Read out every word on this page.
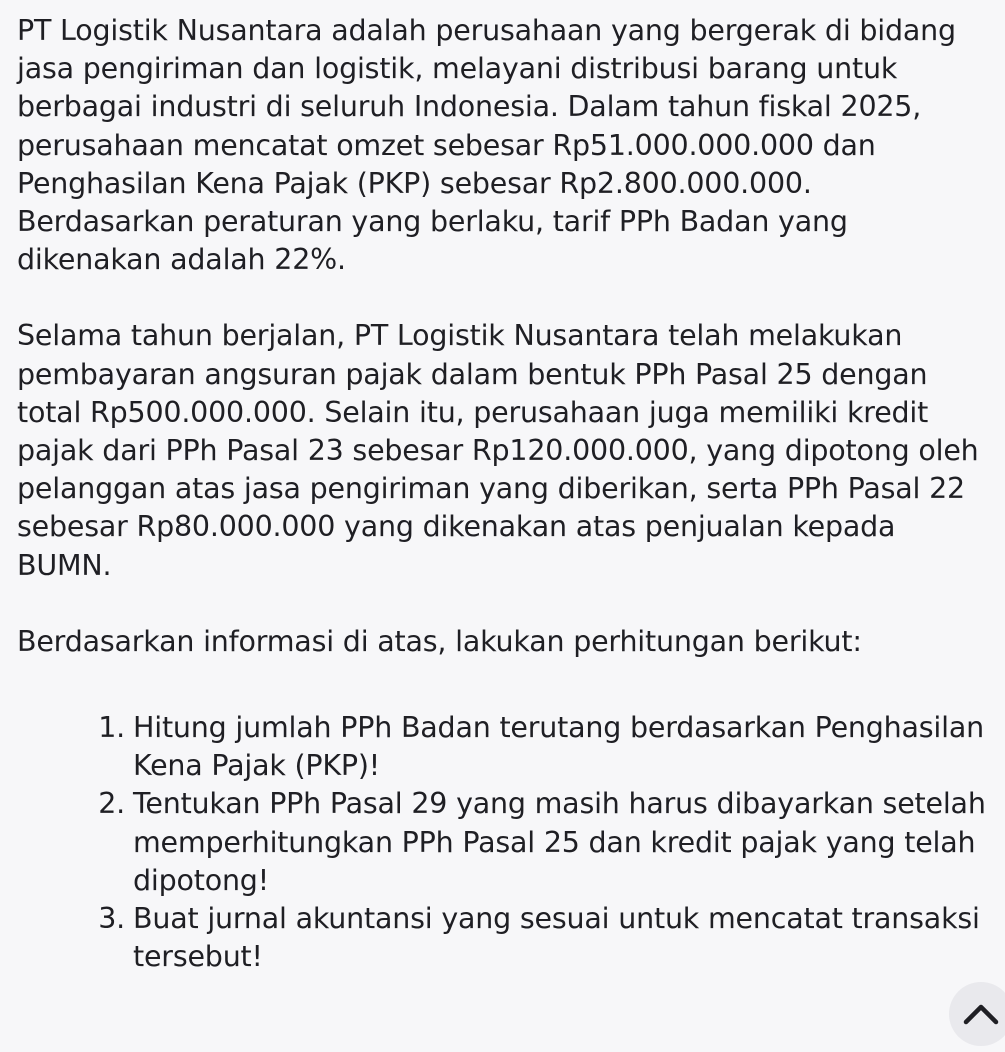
PT Logistik Nusantara adalah perusahaan yang bergerak di bidang jasa pengiriman dan logistik, melayani distribusi barang untuk berbagai industri di seluruh Indonesia. Dalam tahun fiskal 2025, perusahaan mencatat omzet sebesar Rp51.000.000.000 dan Penghasilan Kena Pajak (PKP) sebesar Rp2.800.000.000. Berdasarkan peraturan yang berlaku, tarif PPh Badan yang dikenakan adalah 22%.

Selama tahun berjalan, PT Logistik Nusantara telah melakukan pembayaran angsuran pajak dalam bentuk PPh Pasal 25 dengan total Rp500.000.000. Selain itu, perusahaan juga memiliki kredit pajak dari PPh Pasal 23 sebesar Rp120.000.000, yang dipotong oleh pelanggan atas jasa pengiriman yang diberikan, serta PPh Pasal 22 sebesar Rp80.000.000 yang dikenakan atas penjualan kepada BUMN.

Berdasarkan informasi di atas, lakukan perhitungan berikut:

1. Hitung jumlah PPh Badan terutang berdasarkan Penghasilan Kena Pajak (PKP)!
2. Tentukan PPh Pasal 29 yang masih harus dibayarkan setelah memperhitungkan PPh Pasal 25 dan kredit pajak yang telah dipotong!
3. Buat jurnal akuntansi yang sesuai untuk mencatat transaksi tersebut!
